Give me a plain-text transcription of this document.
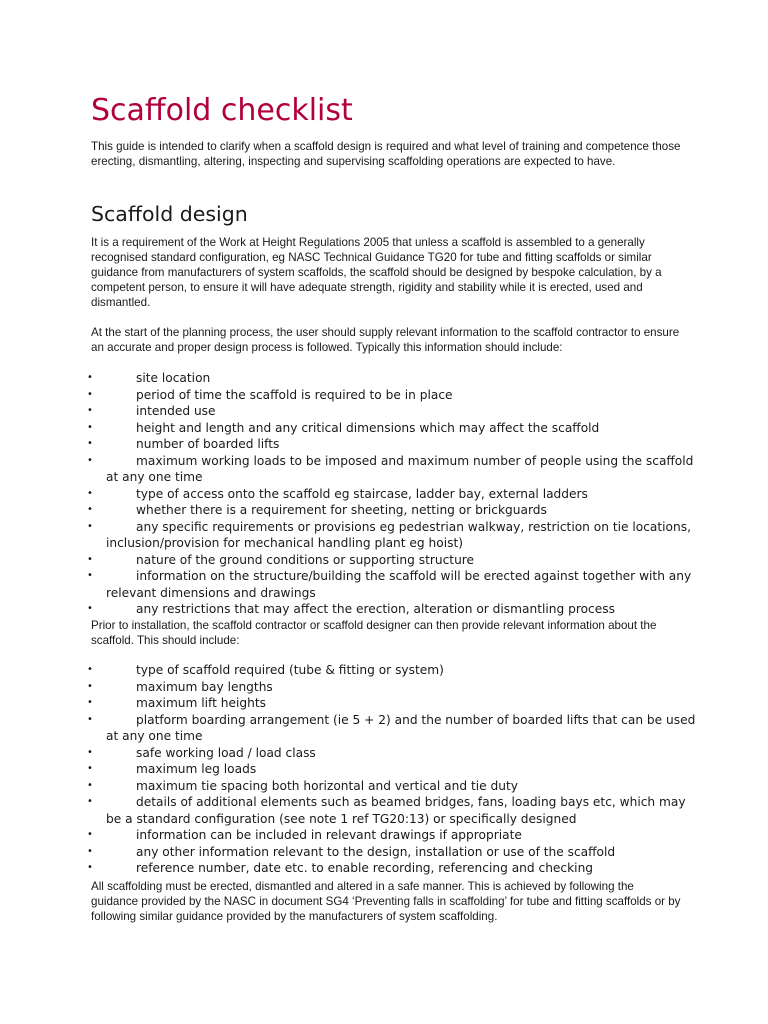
Scaffold checklist

This guide is intended to clarify when a scaffold design is required and what level of training and competence those erecting, dismantling, altering, inspecting and supervising scaffolding operations are expected to have.

Scaffold design

It is a requirement of the Work at Height Regulations 2005 that unless a scaffold is assembled to a generally recognised standard configuration, eg NASC Technical Guidance TG20 for tube and fitting scaffolds or similar guidance from manufacturers of system scaffolds, the scaffold should be designed by bespoke calculation, by a competent person, to ensure it will have adequate strength, rigidity and stability while it is erected, used and dismantled.

At the start of the planning process, the user should supply relevant information to the scaffold contractor to ensure an accurate and proper design process is followed. Typically this information should include:

•	site location
•	period of time the scaffold is required to be in place
•	intended use
•	height and length and any critical dimensions which may affect the scaffold
•	number of boarded lifts
•	maximum working loads to be imposed and maximum number of people using the scaffold at any one time
•	type of access onto the scaffold eg staircase, ladder bay, external ladders
•	whether there is a requirement for sheeting, netting or brickguards
•	any specific requirements or provisions eg pedestrian walkway, restriction on tie locations, inclusion/provision for mechanical handling plant eg hoist)
•	nature of the ground conditions or supporting structure
•	information on the structure/building the scaffold will be erected against together with any relevant dimensions and drawings
•	any restrictions that may affect the erection, alteration or dismantling process

Prior to installation, the scaffold contractor or scaffold designer can then provide relevant information about the scaffold. This should include:

•	type of scaffold required (tube & fitting or system)
•	maximum bay lengths
•	maximum lift heights
•	platform boarding arrangement (ie 5 + 2) and the number of boarded lifts that can be used at any one time
•	safe working load / load class
•	maximum leg loads
•	maximum tie spacing both horizontal and vertical and tie duty
•	details of additional elements such as beamed bridges, fans, loading bays etc, which may be a standard configuration (see note 1 ref TG20:13) or specifically designed
•	information can be included in relevant drawings if appropriate
•	any other information relevant to the design, installation or use of the scaffold
•	reference number, date etc. to enable recording, referencing and checking

All scaffolding must be erected, dismantled and altered in a safe manner. This is achieved by following the guidance provided by the NASC in document SG4 ‘Preventing falls in scaffolding’ for tube and fitting scaffolds or by following similar guidance provided by the manufacturers of system scaffolding.
